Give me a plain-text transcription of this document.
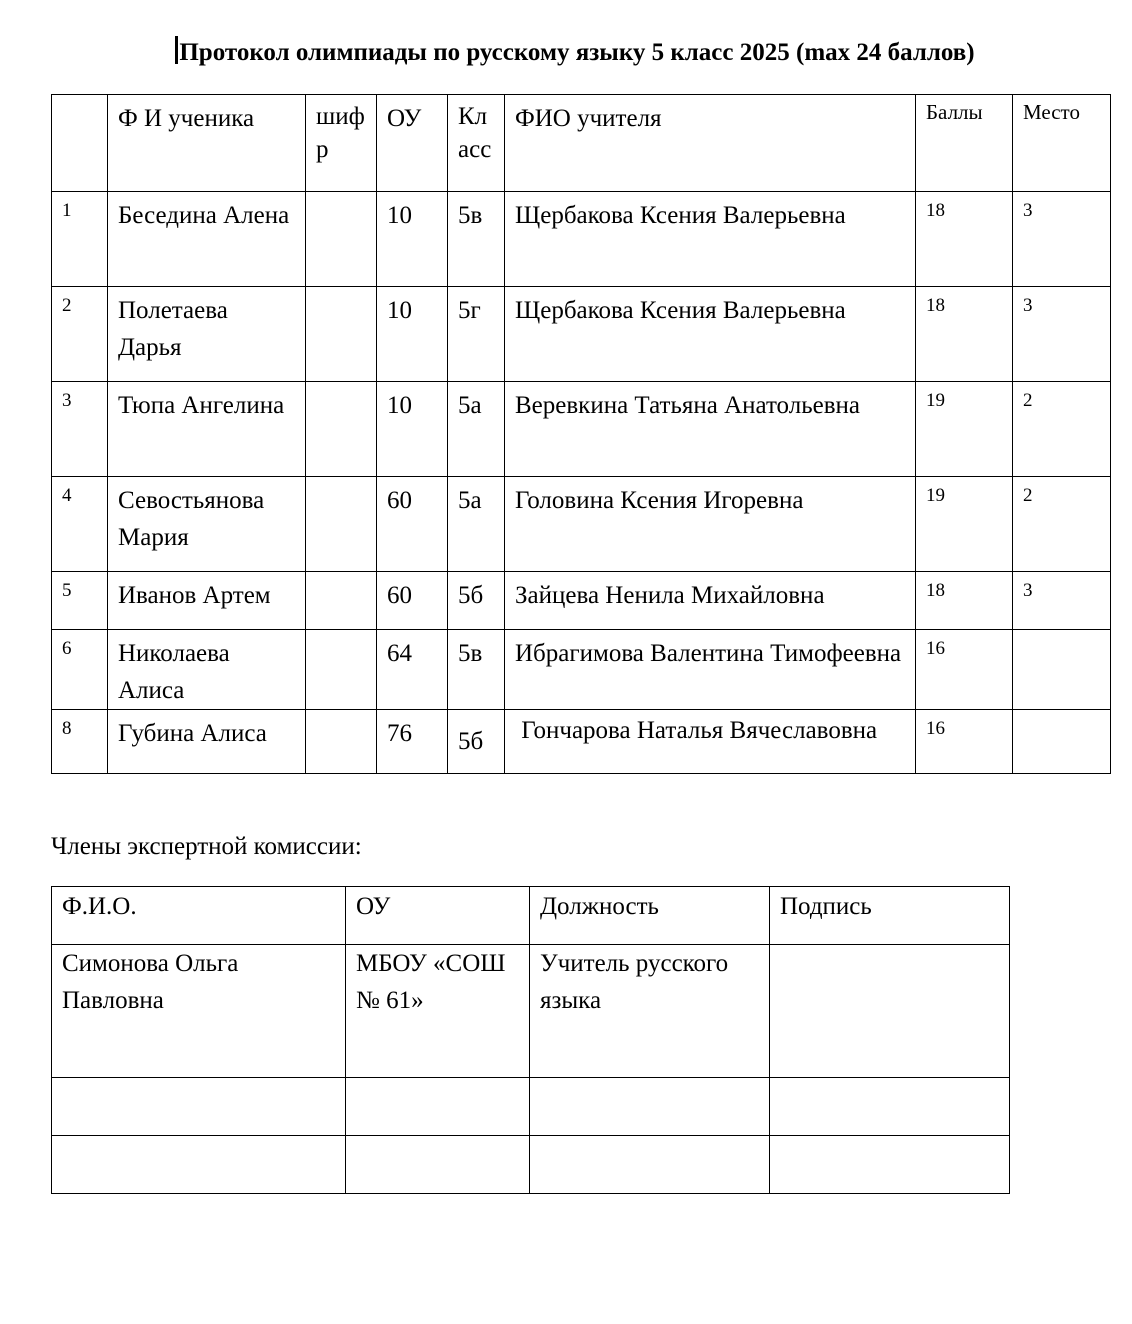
Протокол олимпиады по русскому языку 5 класс 2025 (max 24 баллов)
	Ф И ученика	шифр	ОУ	Класс	ФИО учителя	Баллы	Место
1	Беседина Алена		10	5в	Щербакова Ксения Валерьевна	18	3
2	Полетаева Дарья		10	5г	Щербакова Ксения Валерьевна	18	3
3	Тюпа Ангелина		10	5а	Веревкина Татьяна Анатольевна	19	2
4	Севостьянова Мария		60	5а	Головина Ксения Игоревна	19	2
5	Иванов Артем		60	5б	Зайцева Ненила Михайловна	18	3
6	Николаева Алиса		64	5в	Ибрагимова Валентина Тимофеевна	16	
8	Губина Алиса		76	5б	Гончарова Наталья Вячеславовна	16	
Члены экспертной комиссии:
Ф.И.О.	ОУ	Должность	Подпись
Симонова Ольга Павловна	МБОУ «СОШ № 61»	Учитель русского языка	
